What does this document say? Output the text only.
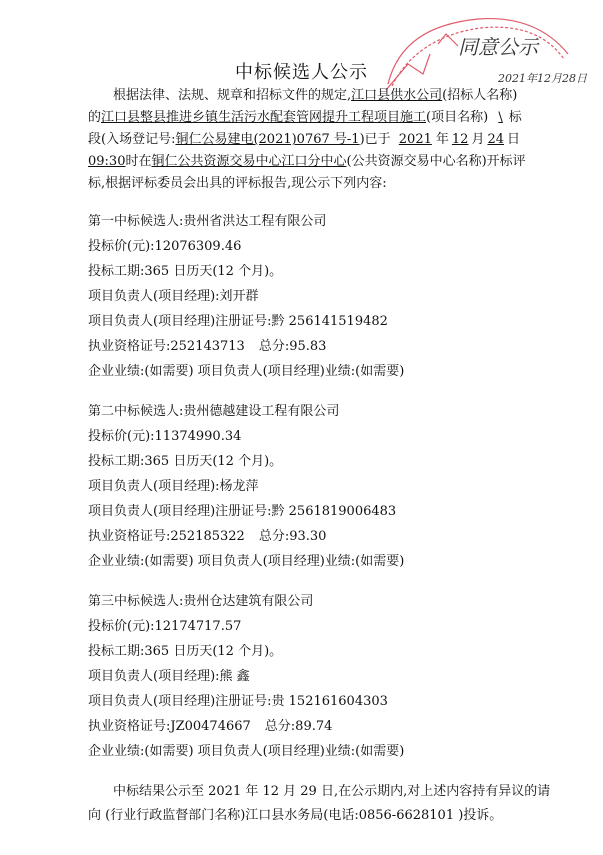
同意公示
2021年12月28日
中标候选人公示
根据法律、法规、规章和招标文件的规定,江口县供水公司(招标人名称)
的江口县整县推进乡镇生活污水配套管网提升工程项目施工(项目名称) \ 标
段(入场登记号:铜仁公易建电(2021)0767 号-1)已于 2021 年 12 月 24 日
09:30时在铜仁公共资源交易中心江口分中心(公共资源交易中心名称)开标评
标,根据评标委员会出具的评标报告,现公示下列内容:
第一中标候选人:贵州省洪达工程有限公司
投标价(元):12076309.46
投标工期:365 日历天(12 个月)。
项目负责人(项目经理):刘开群
项目负责人(项目经理)注册证号:黔 256141519482
执业资格证号:252143713 总分:95.83
企业业绩:(如需要) 项目负责人(项目经理)业绩:(如需要)
第二中标候选人:贵州德越建设工程有限公司
投标价(元):11374990.34
投标工期:365 日历天(12 个月)。
项目负责人(项目经理):杨龙萍
项目负责人(项目经理)注册证号:黔 2561819006483
执业资格证号:252185322 总分:93.30
企业业绩:(如需要) 项目负责人(项目经理)业绩:(如需要)
第三中标候选人:贵州仓达建筑有限公司
投标价(元):12174717.57
投标工期:365 日历天(12 个月)。
项目负责人(项目经理):熊 鑫
项目负责人(项目经理)注册证号:贵 152161604303
执业资格证号:JZ00474667 总分:89.74
企业业绩:(如需要) 项目负责人(项目经理)业绩:(如需要)
中标结果公示至 2021 年 12 月 29 日,在公示期内,对上述内容持有异议的请
向 (行业行政监督部门名称)江口县水务局(电话:0856-6628101 )投诉。
